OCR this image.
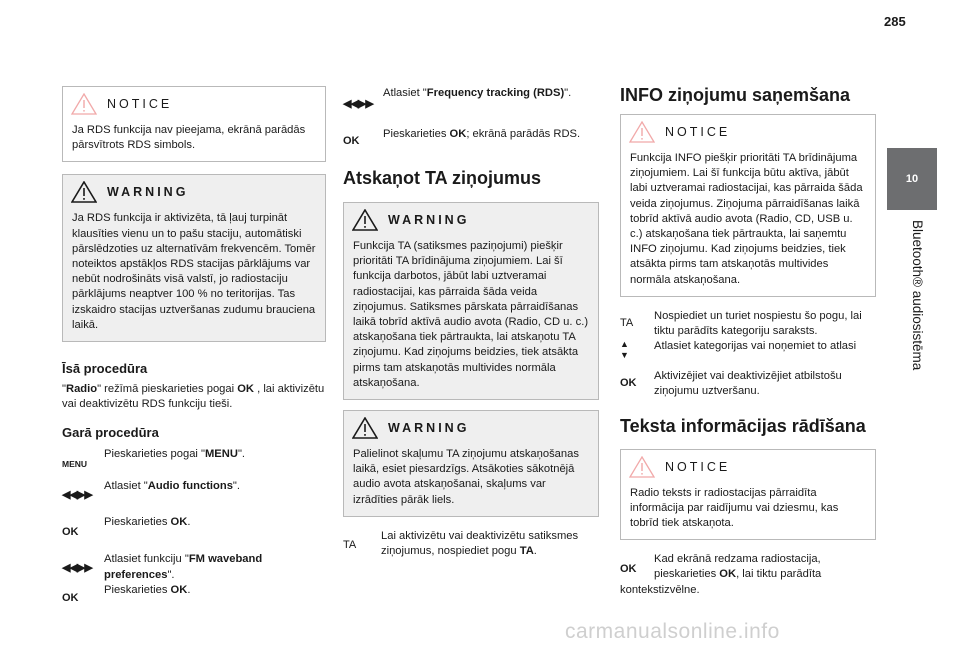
285
10
Bluetooth® audiosistēma
NOTICE
Ja RDS funkcija nav pieejama, ekrānā parādās pārsvītrots RDS simbols.
WARNING
Ja RDS funkcija ir aktivizēta, tā ļauj turpināt klausīties vienu un to pašu staciju, automātiski pārslēdzoties uz alternatīvām frekvencēm. Tomēr noteiktos apstākļos RDS stacijas pārklājums var nebūt nodrošināts visā valstī, jo radiostaciju pārklājums neaptver 100 % no teritorijas. Tas izskaidro stacijas uztveršanas zudumu brauciena laikā.
Īsā procedūra

"Radio" režīmā pieskarieties pogai OK , lai aktivizētu vai deaktivizētu RDS funkciju tieši.

Garā procedūra
MENU
Pieskarieties pogai "MENU".
◀◀▶▶
Atlasiet "Audio functions".
OK
Pieskarieties OK.
◀◀▶▶
Atlasiet funkciju "FM waveband preferences".
OK
Pieskarieties OK.
◀◀▶▶
Atlasiet "Frequency tracking (RDS)".
OK
Pieskarieties OK; ekrānā parādās RDS.
Atskaņot TA ziņojumus
WARNING
Funkcija TA (satiksmes paziņojumi) piešķir prioritāti TA brīdinājuma ziņojumiem. Lai šī funkcija darbotos, jābūt labi uztveramai radiostacijai, kas pārraida šāda veida ziņojumus. Satiksmes pārskata pārraidīšanas laikā tobrīd aktīvā audio avota (Radio, CD u. c.) atskaņošana tiek pārtraukta, lai atskaņotu TA ziņojumu. Kad ziņojums beidzies, tiek atsākta pirms tam atskaņotās multivides normāla atskaņošana.
WARNING
Palielinot skaļumu TA ziņojumu atskaņošanas laikā, esiet piesardzīgs. Atsākoties sākotnējā audio avota atskaņošanai, skaļums var izrādīties pārāk liels.
TA
Lai aktivizētu vai deaktivizētu satiksmes ziņojumus, nospiediet pogu TA.
INFO ziņojumu saņemšana
NOTICE
Funkcija INFO piešķir prioritāti TA brīdinājuma ziņojumiem. Lai šī funkcija būtu aktīva, jābūt labi uztveramai radiostacijai, kas pārraida šāda veida ziņojumus. Ziņojuma pārraidīšanas laikā tobrīd aktīvā audio avota (Radio, CD, USB u. c.) atskaņošana tiek pārtraukta, lai saņemtu INFO ziņojumu. Kad ziņojums beidzies, tiek atsākta pirms tam atskaņotās multivides normāla atskaņošana.
TA
Nospiediet un turiet nospiestu šo pogu, lai tiktu parādīts kategoriju saraksts.
▲ ▼
Atlasiet kategorijas vai noņemiet to atlasi
OK
Aktivizējiet vai deaktivizējiet atbilstošu ziņojumu uztveršanu.
Teksta informācijas rādīšana
NOTICE
Radio teksts ir radiostacijas pārraidīta informācija par raidījumu vai dziesmu, kas tobrīd tiek atskaņota.
OK
Kad ekrānā redzama radiostacija, pieskarieties OK, lai tiktu parādīta kontekstizvēlne.
carmanualsonline.info
